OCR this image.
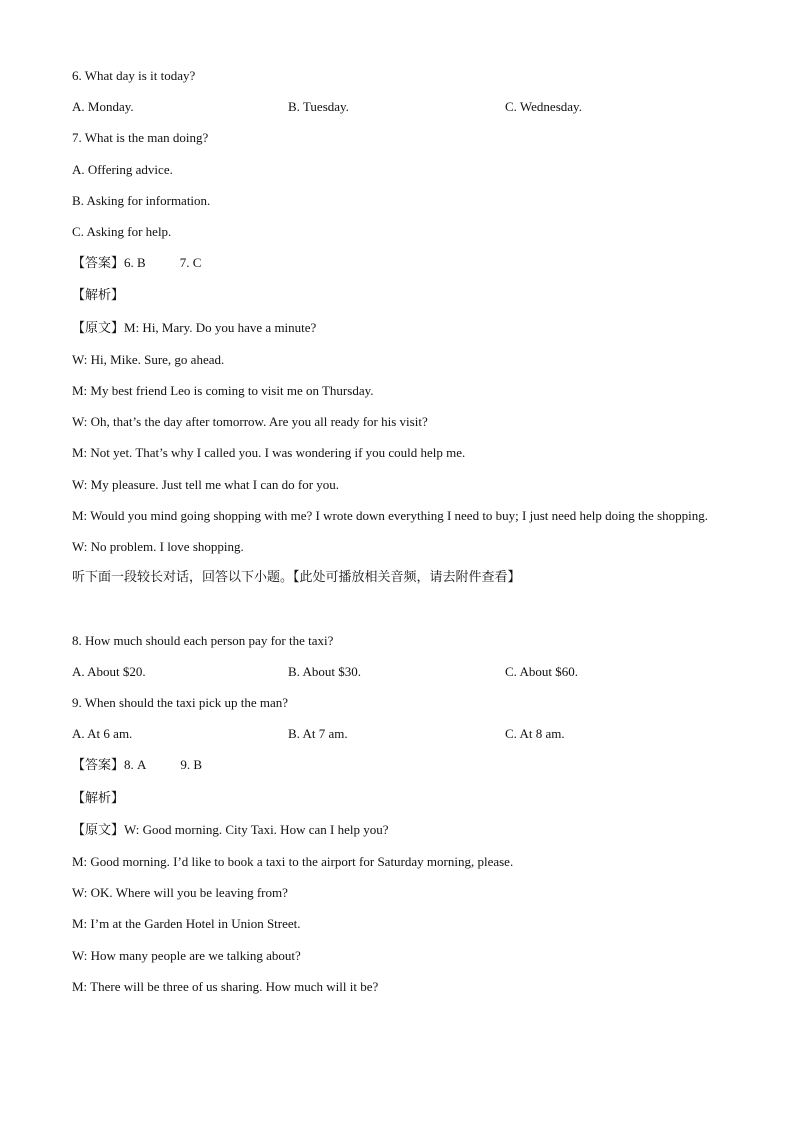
6. What day is it today?
A. Monday.	B. Tuesday.	C. Wednesday.
7. What is the man doing?
A. Offering advice.
B. Asking for information.
C. Asking for help.
【答案】6. B	7. C
【解析】
【原文】M: Hi, Mary. Do you have a minute?
W: Hi, Mike. Sure, go ahead.
M: My best friend Leo is coming to visit me on Thursday.
W: Oh, that’s the day after tomorrow. Are you all ready for his visit?
M: Not yet. That’s why I called you. I was wondering if you could help me.
W: My pleasure. Just tell me what I can do for you.
M: Would you mind going shopping with me? I wrote down everything I need to buy; I just need help doing the shopping.
W: No problem. I love shopping.
听下面一段较长对话，回答以下小题。【此处可播放相关音频，请去附件查看】
8. How much should each person pay for the taxi?
A. About $20.	B. About $30.	C. About $60.
9. When should the taxi pick up the man?
A. At 6 am.	B. At 7 am.	C. At 8 am.
【答案】8. A	9. B
【解析】
【原文】W: Good morning. City Taxi. How can I help you?
M: Good morning. I’d like to book a taxi to the airport for Saturday morning, please.
W: OK. Where will you be leaving from?
M: I’m at the Garden Hotel in Union Street.
W: How many people are we talking about?
M: There will be three of us sharing. How much will it be?
